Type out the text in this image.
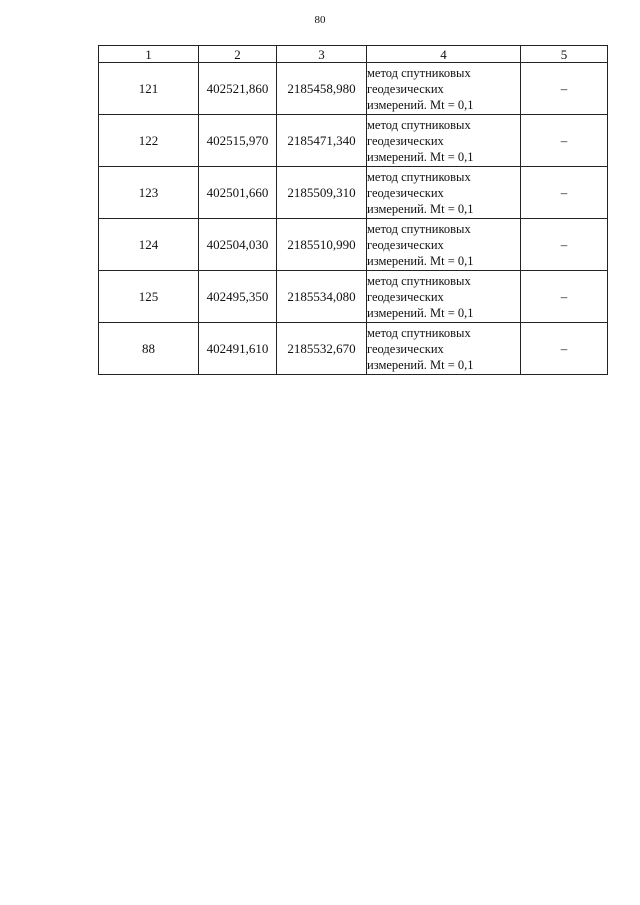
80
1	2	3	4	5
121	402521,860	2185458,980	метод спутниковых
геодезических
измерений. Mt = 0,1	–
122	402515,970	2185471,340	метод спутниковых
геодезических
измерений. Mt = 0,1	–
123	402501,660	2185509,310	метод спутниковых
геодезических
измерений. Mt = 0,1	–
124	402504,030	2185510,990	метод спутниковых
геодезических
измерений. Mt = 0,1	–
125	402495,350	2185534,080	метод спутниковых
геодезических
измерений. Mt = 0,1	–
88	402491,610	2185532,670	метод спутниковых
геодезических
измерений. Mt = 0,1	–
